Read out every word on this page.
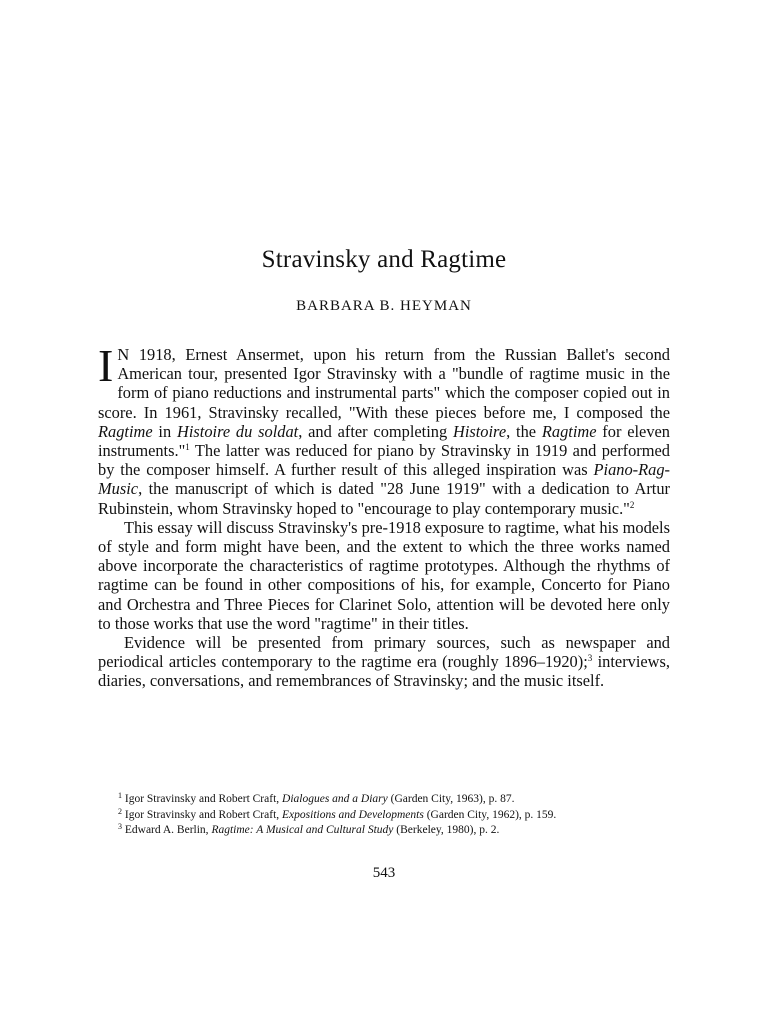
Stravinsky and Ragtime
BARBARA B. HEYMAN

I N 1918, Ernest Ansermet, upon his return from the Russian Ballet's second American tour, presented Igor Stravinsky with a "bundle of ragtime music in the form of piano reductions and instrumental parts" which the composer copied out in score. In 1961, Stravinsky recalled, "With these pieces before me, I composed the Ragtime in Histoire du soldat, and after completing Histoire, the Ragtime for eleven instruments."$^1$ The latter was reduced for piano by Stravinsky in 1919 and performed by the composer himself. A further result of this alleged inspiration was Piano-Rag-Music, the manuscript of which is dated "28 June 1919" with a dedication to Artur Rubinstein, whom Stravinsky hoped to "encourage to play contemporary music."$^2$

This essay will discuss Stravinsky's pre-1918 exposure to ragtime, what his models of style and form might have been, and the extent to which the three works named above incorporate the characteristics of ragtime prototypes. Although the rhythms of ragtime can be found in other compositions of his, for example, Concerto for Piano and Orchestra and Three Pieces for Clarinet Solo, attention will be devoted here only to those works that use the word "ragtime" in their titles.

Evidence will be presented from primary sources, such as newspaper and periodical articles contemporary to the ragtime era (roughly 1896–1920);$^3$ interviews, diaries, conversations, and remembrances of Stravinsky; and the music itself.

$^1$ Igor Stravinsky and Robert Craft, Dialogues and a Diary (Garden City, 1963), p. 87.

$^2$ Igor Stravinsky and Robert Craft, Expositions and Developments (Garden City, 1962), p. 159.

$^3$ Edward A. Berlin, Ragtime: A Musical and Cultural Study (Berkeley, 1980), p. 2.

543
